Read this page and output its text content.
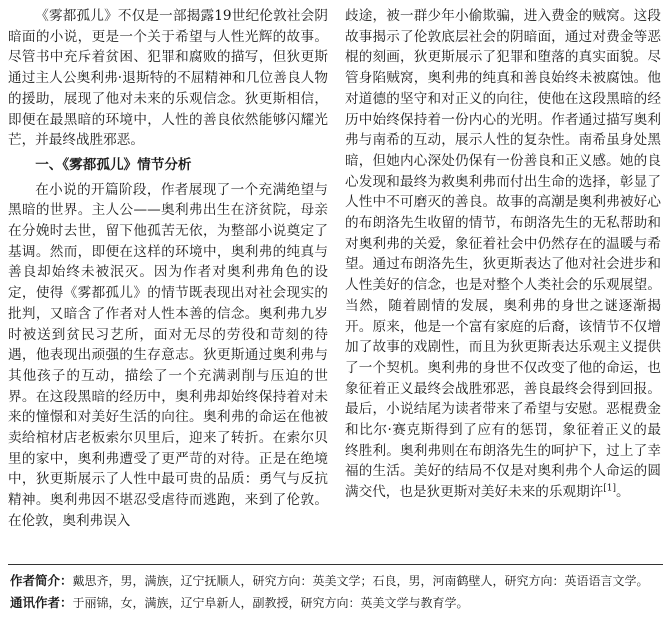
《雾都孤儿》不仅是一部揭露19世纪伦敦社会阴暗面的小说，更是一个关于希望与人性光辉的故事。尽管书中充斥着贫困、犯罪和腐败的描写，但狄更斯通过主人公奥利弗·退斯特的不屈精神和几位善良人物的援助，展现了他对未来的乐观信念。狄更斯相信，即便在最黑暗的环境中，人性的善良依然能够闪耀光芒，并最终战胜邪恶。

一、《雾都孤儿》情节分析

在小说的开篇阶段，作者展现了一个充满绝望与黑暗的世界。主人公——奥利弗出生在济贫院，母亲在分娩时去世，留下他孤苦无依，为整部小说奠定了基调。然而，即便在这样的环境中，奥利弗的纯真与善良却始终未被泯灭。因为作者对奥利弗角色的设定，使得《雾都孤儿》的情节既表现出对社会现实的批判，又暗含了作者对人性本善的信念。奥利弗九岁时被送到贫民习艺所，面对无尽的劳役和苛刻的待遇，他表现出顽强的生存意志。狄更斯通过奥利弗与其他孩子的互动，描绘了一个充满剥削与压迫的世界。在这段黑暗的经历中，奥利弗却始终保持着对未来的憧憬和对美好生活的向往。奥利弗的命运在他被卖给棺材店老板索尔贝里后，迎来了转折。在索尔贝里的家中，奥利弗遭受了更严苛的对待。正是在绝境中，狄更斯展示了人性中最可贵的品质：勇气与反抗精神。奥利弗因不堪忍受虐待而逃跑，来到了伦敦。在伦敦，奥利弗误入

歧途，被一群少年小偷欺骗，进入费金的贼窝。这段故事揭示了伦敦底层社会的阴暗面，通过对费金等恶棍的刻画，狄更斯展示了犯罪和堕落的真实面貌。尽管身陷贼窝，奥利弗的纯真和善良始终未被腐蚀。他对道德的坚守和对正义的向往，使他在这段黑暗的经历中始终保持着一份内心的光明。作者通过描写奥利弗与南希的互动，展示人性的复杂性。南希虽身处黑暗，但她内心深处仍保有一份善良和正义感。她的良心发现和最终为救奥利弗而付出生命的选择，彰显了人性中不可磨灭的善良。故事的高潮是奥利弗被好心的布朗洛先生收留的情节，布朗洛先生的无私帮助和对奥利弗的关爱，象征着社会中仍然存在的温暖与希望。通过布朗洛先生，狄更斯表达了他对社会进步和人性美好的信念，也是对整个人类社会的乐观展望。当然，随着剧情的发展，奥利弗的身世之谜逐渐揭开。原来，他是一个富有家庭的后裔，该情节不仅增加了故事的戏剧性，而且为狄更斯表达乐观主义提供了一个契机。奥利弗的身世不仅改变了他的命运，也象征着正义最终会战胜邪恶，善良最终会得到回报。最后，小说结尾为读者带来了希望与安慰。恶棍费金和比尔·赛克斯得到了应有的惩罚，象征着正义的最终胜利。奥利弗则在布朗洛先生的呵护下，过上了幸福的生活。美好的结局不仅是对奥利弗个人命运的圆满交代，也是狄更斯对美好未来的乐观期许[1]。

作者简介：戴思齐，男，满族，辽宁抚顺人，研究方向：英美文学；石良，男，河南鹤壁人，研究方向：英语语言文学。
通讯作者：于丽锦，女，满族，辽宁阜新人，副教授，研究方向：英美文学与教育学。
